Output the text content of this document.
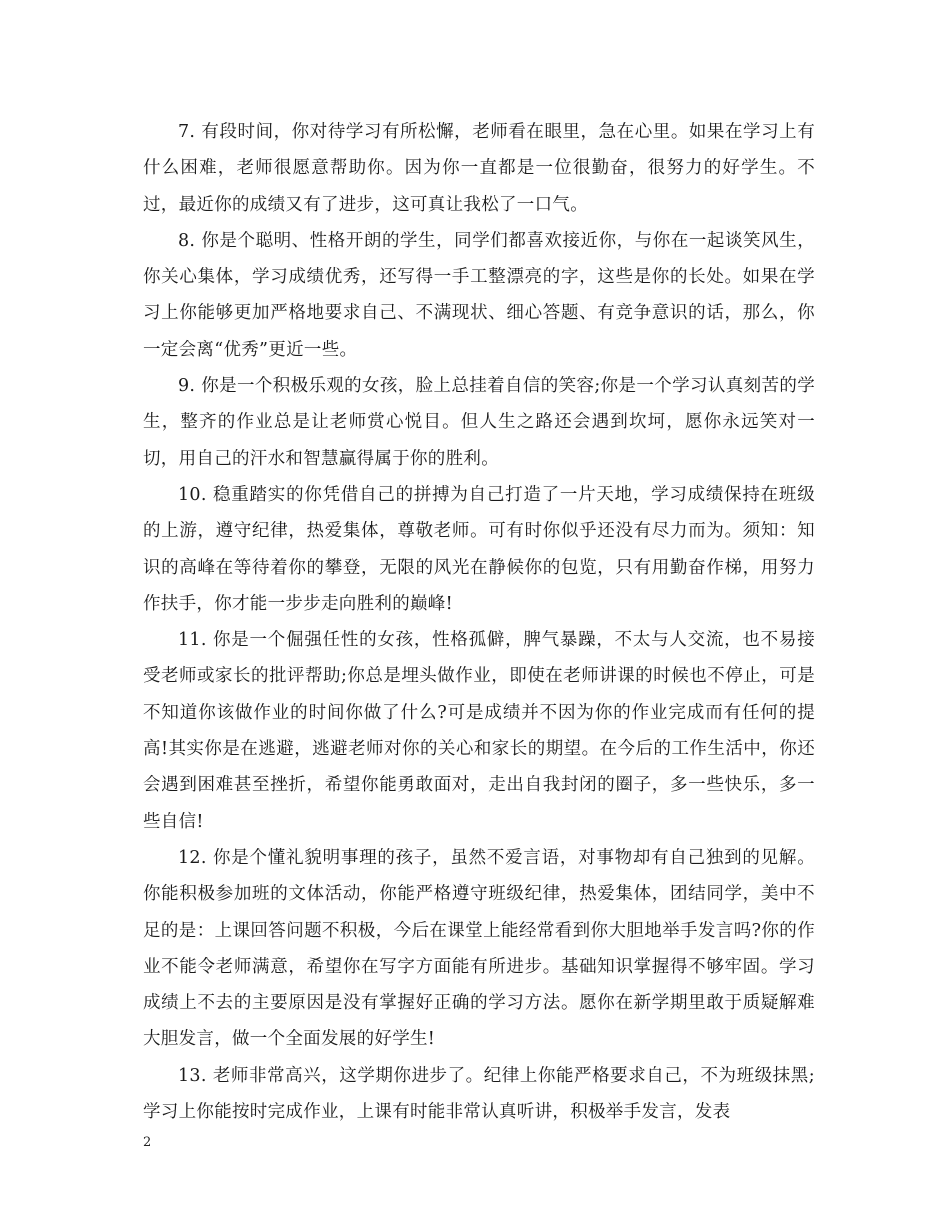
7. 有段时间，你对待学习有所松懈，老师看在眼里，急在心里。如果在学习上有什么困难，老师很愿意帮助你。因为你一直都是一位很勤奋，很努力的好学生。不过，最近你的成绩又有了进步，这可真让我松了一口气。

8. 你是个聪明、性格开朗的学生，同学们都喜欢接近你，与你在一起谈笑风生，你关心集体，学习成绩优秀，还写得一手工整漂亮的字，这些是你的长处。如果在学习上你能够更加严格地要求自己、不满现状、细心答题、有竞争意识的话，那么，你一定会离“优秀”更近一些。

9. 你是一个积极乐观的女孩，脸上总挂着自信的笑容;你是一个学习认真刻苦的学生，整齐的作业总是让老师赏心悦目。但人生之路还会遇到坎坷，愿你永远笑对一切，用自己的汗水和智慧赢得属于你的胜利。

10. 稳重踏实的你凭借自己的拼搏为自己打造了一片天地，学习成绩保持在班级的上游，遵守纪律，热爱集体，尊敬老师。可有时你似乎还没有尽力而为。须知：知识的高峰在等待着你的攀登，无限的风光在静候你的包览，只有用勤奋作梯，用努力作扶手，你才能一步步走向胜利的巅峰!

11. 你是一个倔强任性的女孩，性格孤僻，脾气暴躁，不太与人交流，也不易接受老师或家长的批评帮助;你总是埋头做作业，即使在老师讲课的时候也不停止，可是不知道你该做作业的时间你做了什么?可是成绩并不因为你的作业完成而有任何的提高!其实你是在逃避，逃避老师对你的关心和家长的期望。在今后的工作生活中，你还会遇到困难甚至挫折，希望你能勇敢面对，走出自我封闭的圈子，多一些快乐，多一些自信!

12. 你是个懂礼貌明事理的孩子，虽然不爱言语，对事物却有自己独到的见解。你能积极参加班的文体活动，你能严格遵守班级纪律，热爱集体，团结同学，美中不足的是：上课回答问题不积极，今后在课堂上能经常看到你大胆地举手发言吗?你的作业不能令老师满意，希望你在写字方面能有所进步。基础知识掌握得不够牢固。学习成绩上不去的主要原因是没有掌握好正确的学习方法。愿你在新学期里敢于质疑解难大胆发言，做一个全面发展的好学生!

13. 老师非常高兴，这学期你进步了。纪律上你能严格要求自己，不为班级抹黑;学习上你能按时完成作业，上课有时能非常认真听讲，积极举手发言，发表

2
